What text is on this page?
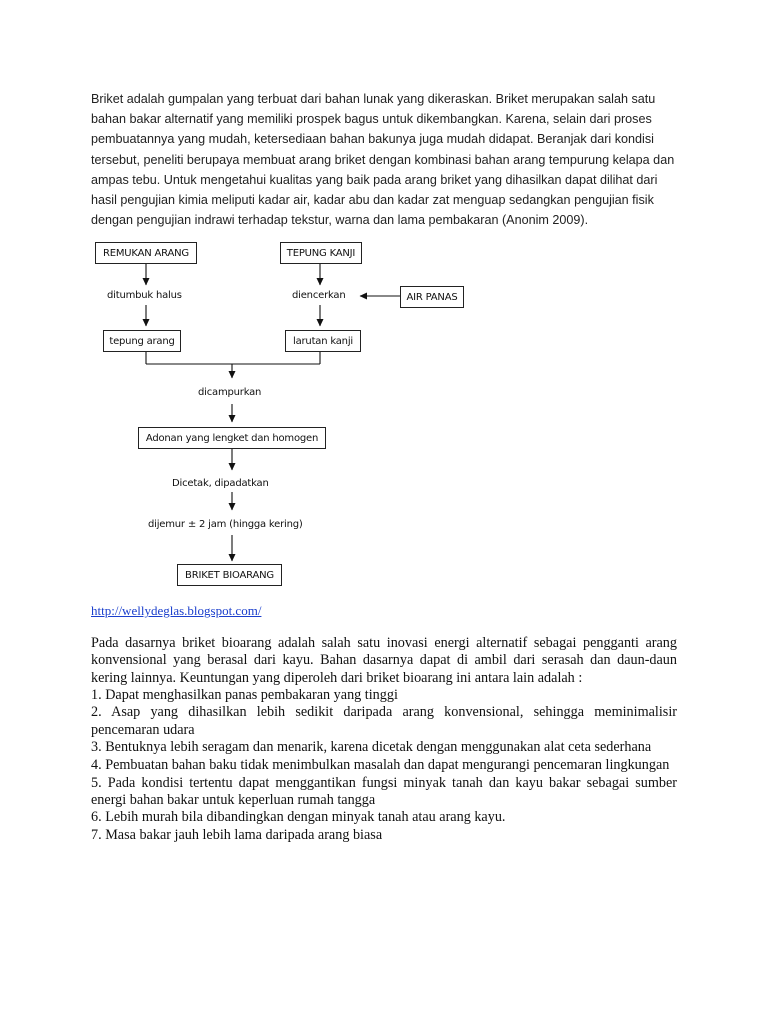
Briket adalah gumpalan yang terbuat dari bahan lunak yang dikeraskan. Briket merupakan salah satu bahan bakar alternatif yang memiliki prospek bagus untuk dikembangkan. Karena, selain dari proses pembuatannya yang mudah, ketersediaan bahan bakunya juga mudah didapat. Beranjak dari kondisi tersebut, peneliti berupaya membuat arang briket dengan kombinasi bahan arang tempurung kelapa dan ampas tebu. Untuk mengetahui kualitas yang baik pada arang briket yang dihasilkan dapat dilihat dari hasil pengujian kimia meliputi kadar air, kadar abu dan kadar zat menguap sedangkan pengujian fisik dengan pengujian indrawi terhadap tekstur, warna dan lama pembakaran (Anonim 2009).

REMUKAN ARANG	TEPUNG KANJI
ditumbuk halus	diencerkan	AIR PANAS
tepung arang	larutan kanji
dicampurkan
Adonan yang lengket dan homogen
Dicetak, dipadatkan
dijemur ± 2 jam (hingga kering)
BRIKET BIOARANG
http://wellydeglas.blogspot.com/

Pada dasarnya briket bioarang adalah salah satu inovasi energi alternatif sebagai pengganti arang konvensional yang berasal dari kayu. Bahan dasarnya dapat di ambil dari serasah dan daun-daun kering lainnya. Keuntungan yang diperoleh dari briket bioarang ini antara lain adalah :

1. Dapat menghasilkan panas pembakaran yang tinggi
2. Asap yang dihasilkan lebih sedikit daripada arang konvensional, sehingga meminimalisir pencemaran udara
3. Bentuknya lebih seragam dan menarik, karena dicetak dengan menggunakan alat ceta sederhana
4. Pembuatan bahan baku tidak menimbulkan masalah dan dapat mengurangi pencemaran lingkungan
5. Pada kondisi tertentu dapat menggantikan fungsi minyak tanah dan kayu bakar sebagai sumber energi bahan bakar untuk keperluan rumah tangga
6. Lebih murah bila dibandingkan dengan minyak tanah atau arang kayu.
7. Masa bakar jauh lebih lama daripada arang biasa
